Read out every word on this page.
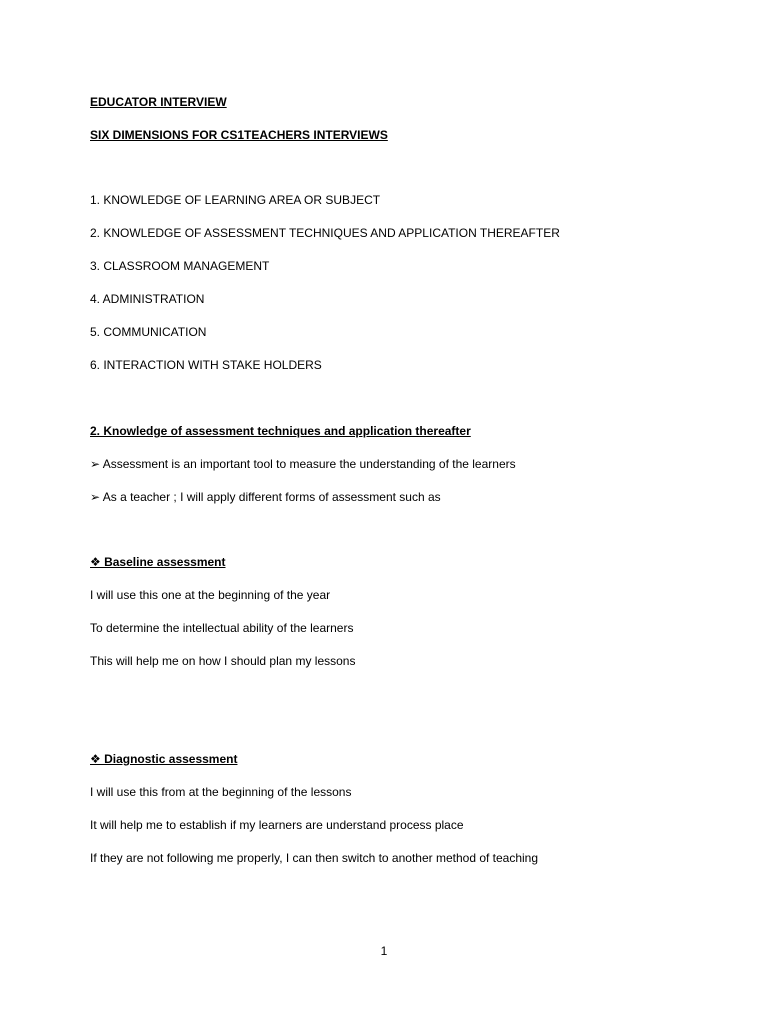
EDUCATOR INTERVIEW
SIX DIMENSIONS FOR CS1TEACHERS INTERVIEWS
1. KNOWLEDGE OF LEARNING AREA OR SUBJECT
2. KNOWLEDGE OF ASSESSMENT TECHNIQUES AND APPLICATION THEREAFTER
3. CLASSROOM MANAGEMENT
4. ADMINISTRATION
5. COMMUNICATION
6. INTERACTION WITH STAKE HOLDERS
2. Knowledge of assessment techniques and application thereafter
➢ Assessment is an important tool to measure the understanding of the learners
➢ As a teacher ; I will apply different forms of assessment such as
❖ Baseline assessment
I will use this one at the beginning of the year
To determine the intellectual ability of the learners
This will help me on how I should plan my lessons
❖ Diagnostic assessment
I will use this from at the beginning of the lessons
It will help me to establish if my learners are understand process place
If they are not following me properly, I can then switch to another method of teaching
1
